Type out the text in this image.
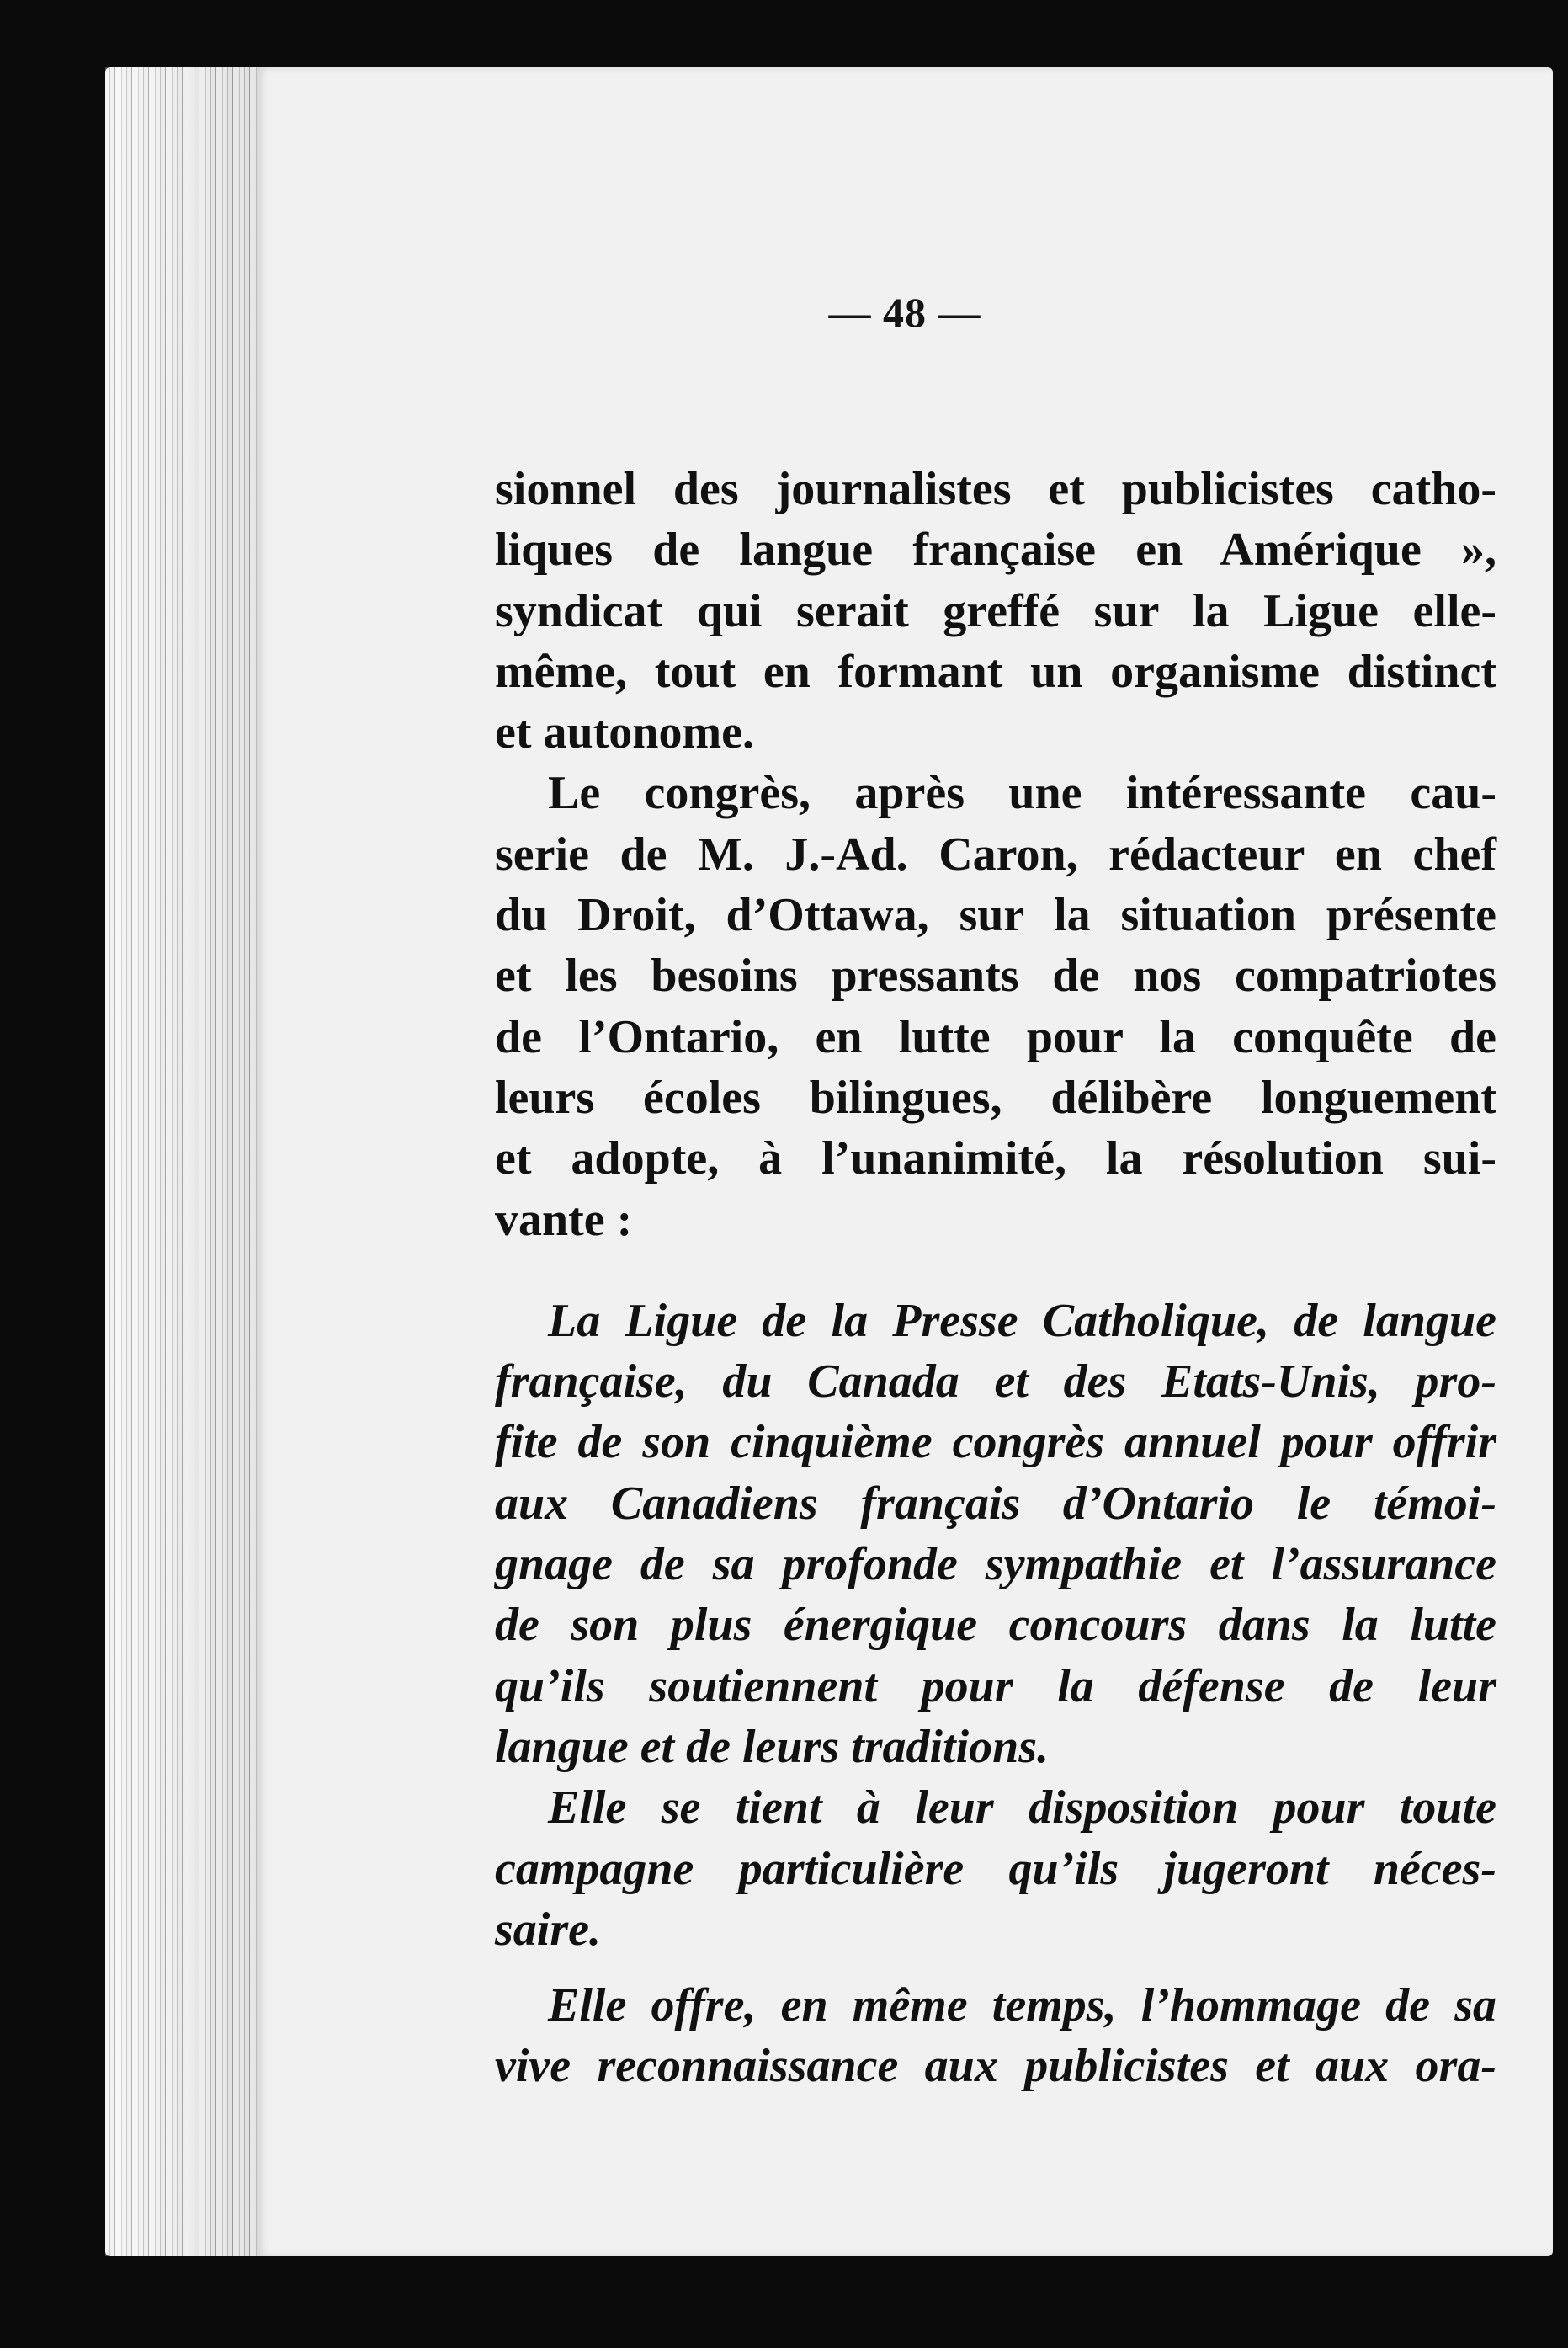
— 48 —
sionnel des journalistes et publicistes catho-
liques de langue française en Amérique »,
syndicat qui serait greffé sur la Ligue elle-
même, tout en formant un organisme distinct
et autonome.
Le congrès, après une intéressante cau-
serie de M. J.-Ad. Caron, rédacteur en chef
du Droit, d’Ottawa, sur la situation présente
et les besoins pressants de nos compatriotes
de l’Ontario, en lutte pour la conquête de
leurs écoles bilingues, délibère longuement
et adopte, à l’unanimité, la résolution sui-
vante :
La Ligue de la Presse Catholique, de langue
française, du Canada et des Etats-Unis, pro-
fite de son cinquième congrès annuel pour offrir
aux Canadiens français d’Ontario le témoi-
gnage de sa profonde sympathie et l’assurance
de son plus énergique concours dans la lutte
qu’ils soutiennent pour la défense de leur
langue et de leurs traditions.
Elle se tient à leur disposition pour toute
campagne particulière qu’ils jugeront néces-
saire.
Elle offre, en même temps, l’hommage de sa
vive reconnaissance aux publicistes et aux ora-
